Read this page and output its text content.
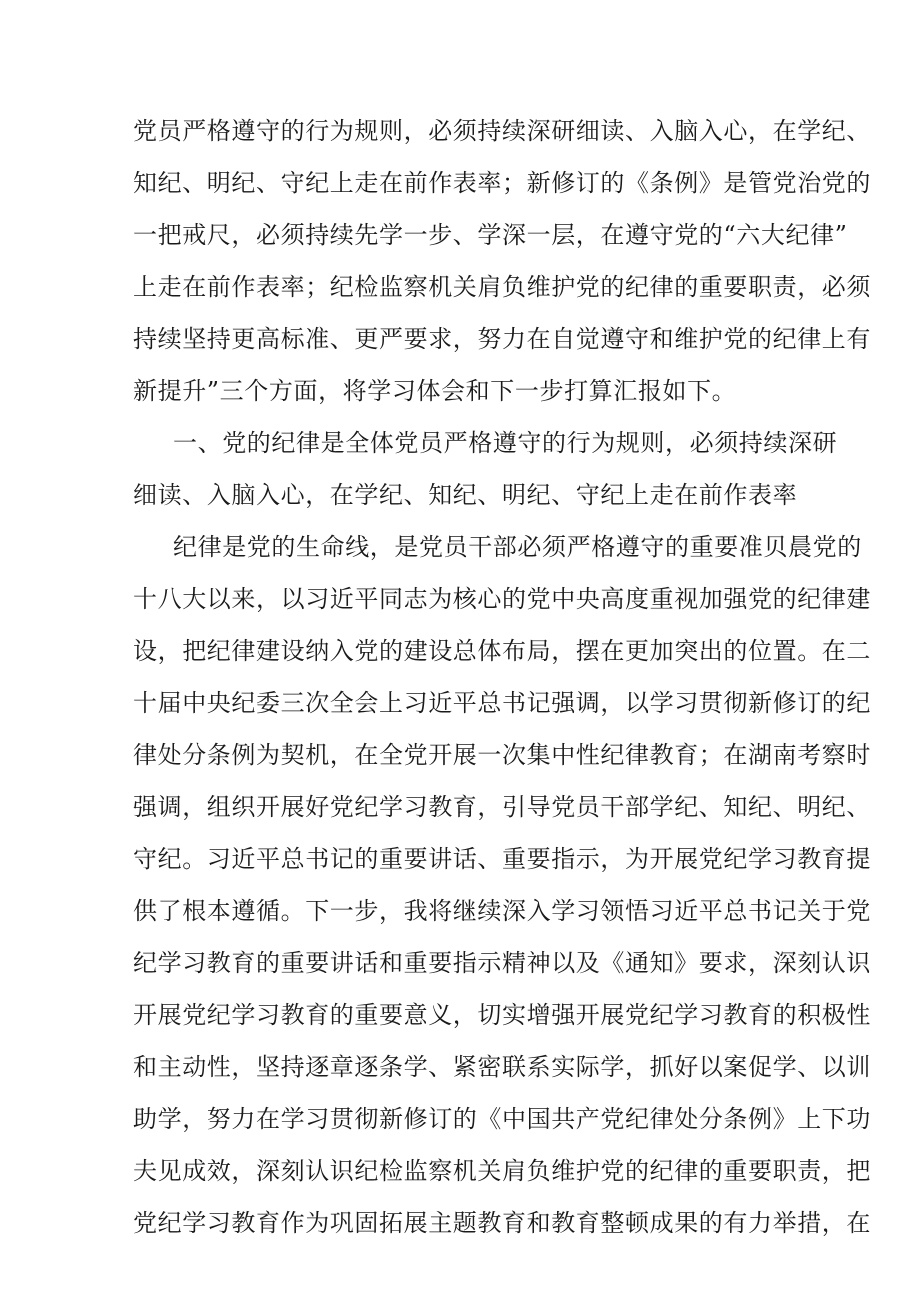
党员严格遵守的行为规则，必须持续深研细读、入脑入心，在学纪、
知纪、明纪、守纪上走在前作表率；新修订的《条例》是管党治党的
一把戒尺，必须持续先学一步、学深一层，在遵守党的“六大纪律”
上走在前作表率；纪检监察机关肩负维护党的纪律的重要职责，必须
持续坚持更高标准、更严要求，努力在自觉遵守和维护党的纪律上有
新提升”三个方面，将学习体会和下一步打算汇报如下。
一、党的纪律是全体党员严格遵守的行为规则，必须持续深研
细读、入脑入心，在学纪、知纪、明纪、守纪上走在前作表率
纪律是党的生命线，是党员干部必须严格遵守的重要准贝晨党的
十八大以来，以习近平同志为核心的党中央高度重视加强党的纪律建
设，把纪律建设纳入党的建设总体布局，摆在更加突出的位置。在二
十届中央纪委三次全会上习近平总书记强调，以学习贯彻新修订的纪
律处分条例为契机，在全党开展一次集中性纪律教育；在湖南考察时
强调，组织开展好党纪学习教育，引导党员干部学纪、知纪、明纪、
守纪。习近平总书记的重要讲话、重要指示，为开展党纪学习教育提
供了根本遵循。下一步，我将继续深入学习领悟习近平总书记关于党
纪学习教育的重要讲话和重要指示精神以及《通知》要求，深刻认识
开展党纪学习教育的重要意义，切实增强开展党纪学习教育的积极性
和主动性，坚持逐章逐条学、紧密联系实际学，抓好以案促学、以训
助学，努力在学习贯彻新修订的《中国共产党纪律处分条例》上下功
夫见成效，深刻认识纪检监察机关肩负维护党的纪律的重要职责，把
党纪学习教育作为巩固拓展主题教育和教育整顿成果的有力举措，在
